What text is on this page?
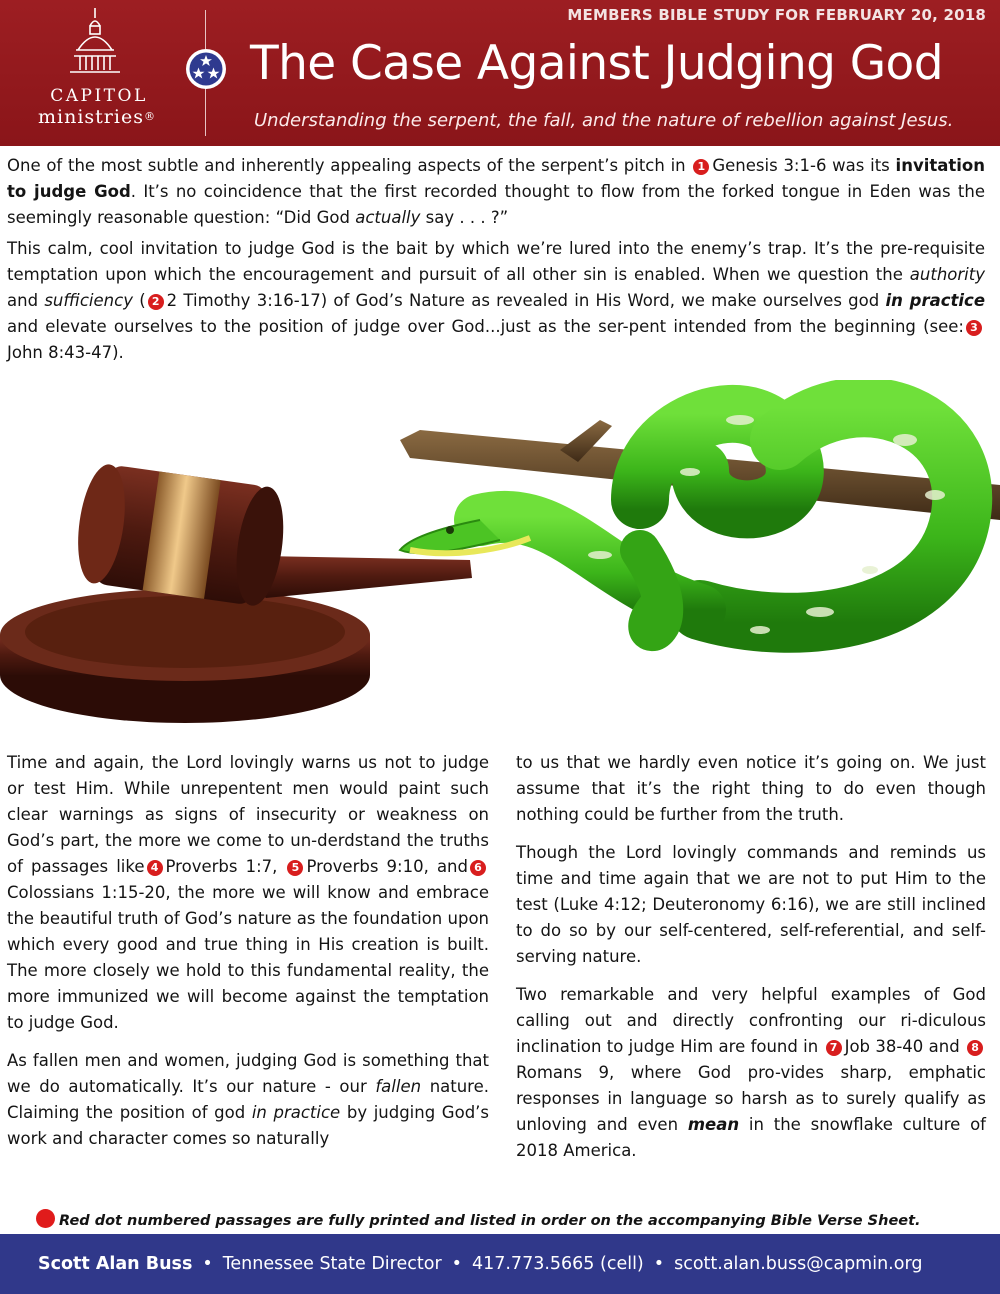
MEMBERS BIBLE STUDY FOR FEBRUARY 20, 2018
CAPITOL
ministries®
The Case Against Judging God
Understanding the serpent, the fall, and the nature of rebellion against Jesus.

One of the most subtle and inherently appealing aspects of the serpent’s pitch in 1 Genesis 3:1-6 was its invitation to judge God. It’s no coincidence that the first recorded thought to flow from the forked tongue in Eden was the seemingly reasonable question: “Did God actually say . . . ?”

This calm, cool invitation to judge God is the bait by which we’re lured into the enemy’s trap. It’s the pre-requisite temptation upon which the encouragement and pursuit of all other sin is enabled. When we question the authority and sufficiency ( 2 2 Timothy 3:16-17) of God’s Nature as revealed in His Word, we make ourselves god in practice and elevate ourselves to the position of judge over God...just as the ser-pent intended from the beginning (see: 3John 8:43-47).

Time and again, the Lord lovingly warns us not to judge or test Him. While unrepentent men would paint such clear warnings as signs of insecurity or weakness on God’s part, the more we come to un-derdstand the truths of passages like 4 Proverbs 1:7, 5 Proverbs 9:10, and 6Colossians 1:15-20, the more we will know and embrace the beautiful truth of God’s nature as the foundation upon which every good and true thing in His creation is built. The more closely we hold to this fundamental reality, the more immunized we will become against the temptation to judge God.

As fallen men and women, judging God is something that we do automatically. It’s our nature - our fallen nature. Claiming the position of god in practice by judging God’s work and character comes so naturally

to us that we hardly even notice it’s going on. We just assume that it’s the right thing to do even though nothing could be further from the truth.

Though the Lord lovingly commands and reminds us time and time again that we are not to put Him to the test (Luke 4:12; Deuteronomy 6:16), we are still inclined to do so by our self-centered, self-referential, and self-serving nature.

Two remarkable and very helpful examples of God calling out and directly confronting our ri-diculous inclination to judge Him are found in 7 Job 38-40 and 8Romans 9, where God pro-vides sharp, emphatic responses in language so harsh as to surely qualify as unloving and even mean in the snowflake culture of 2018 America.

Red dot numbered passages are fully printed and listed in order on the accompanying Bible Verse Sheet.
Scott Alan Buss • Tennessee State Director • 417.773.5665 (cell) • scott.alan.buss@capmin.org
